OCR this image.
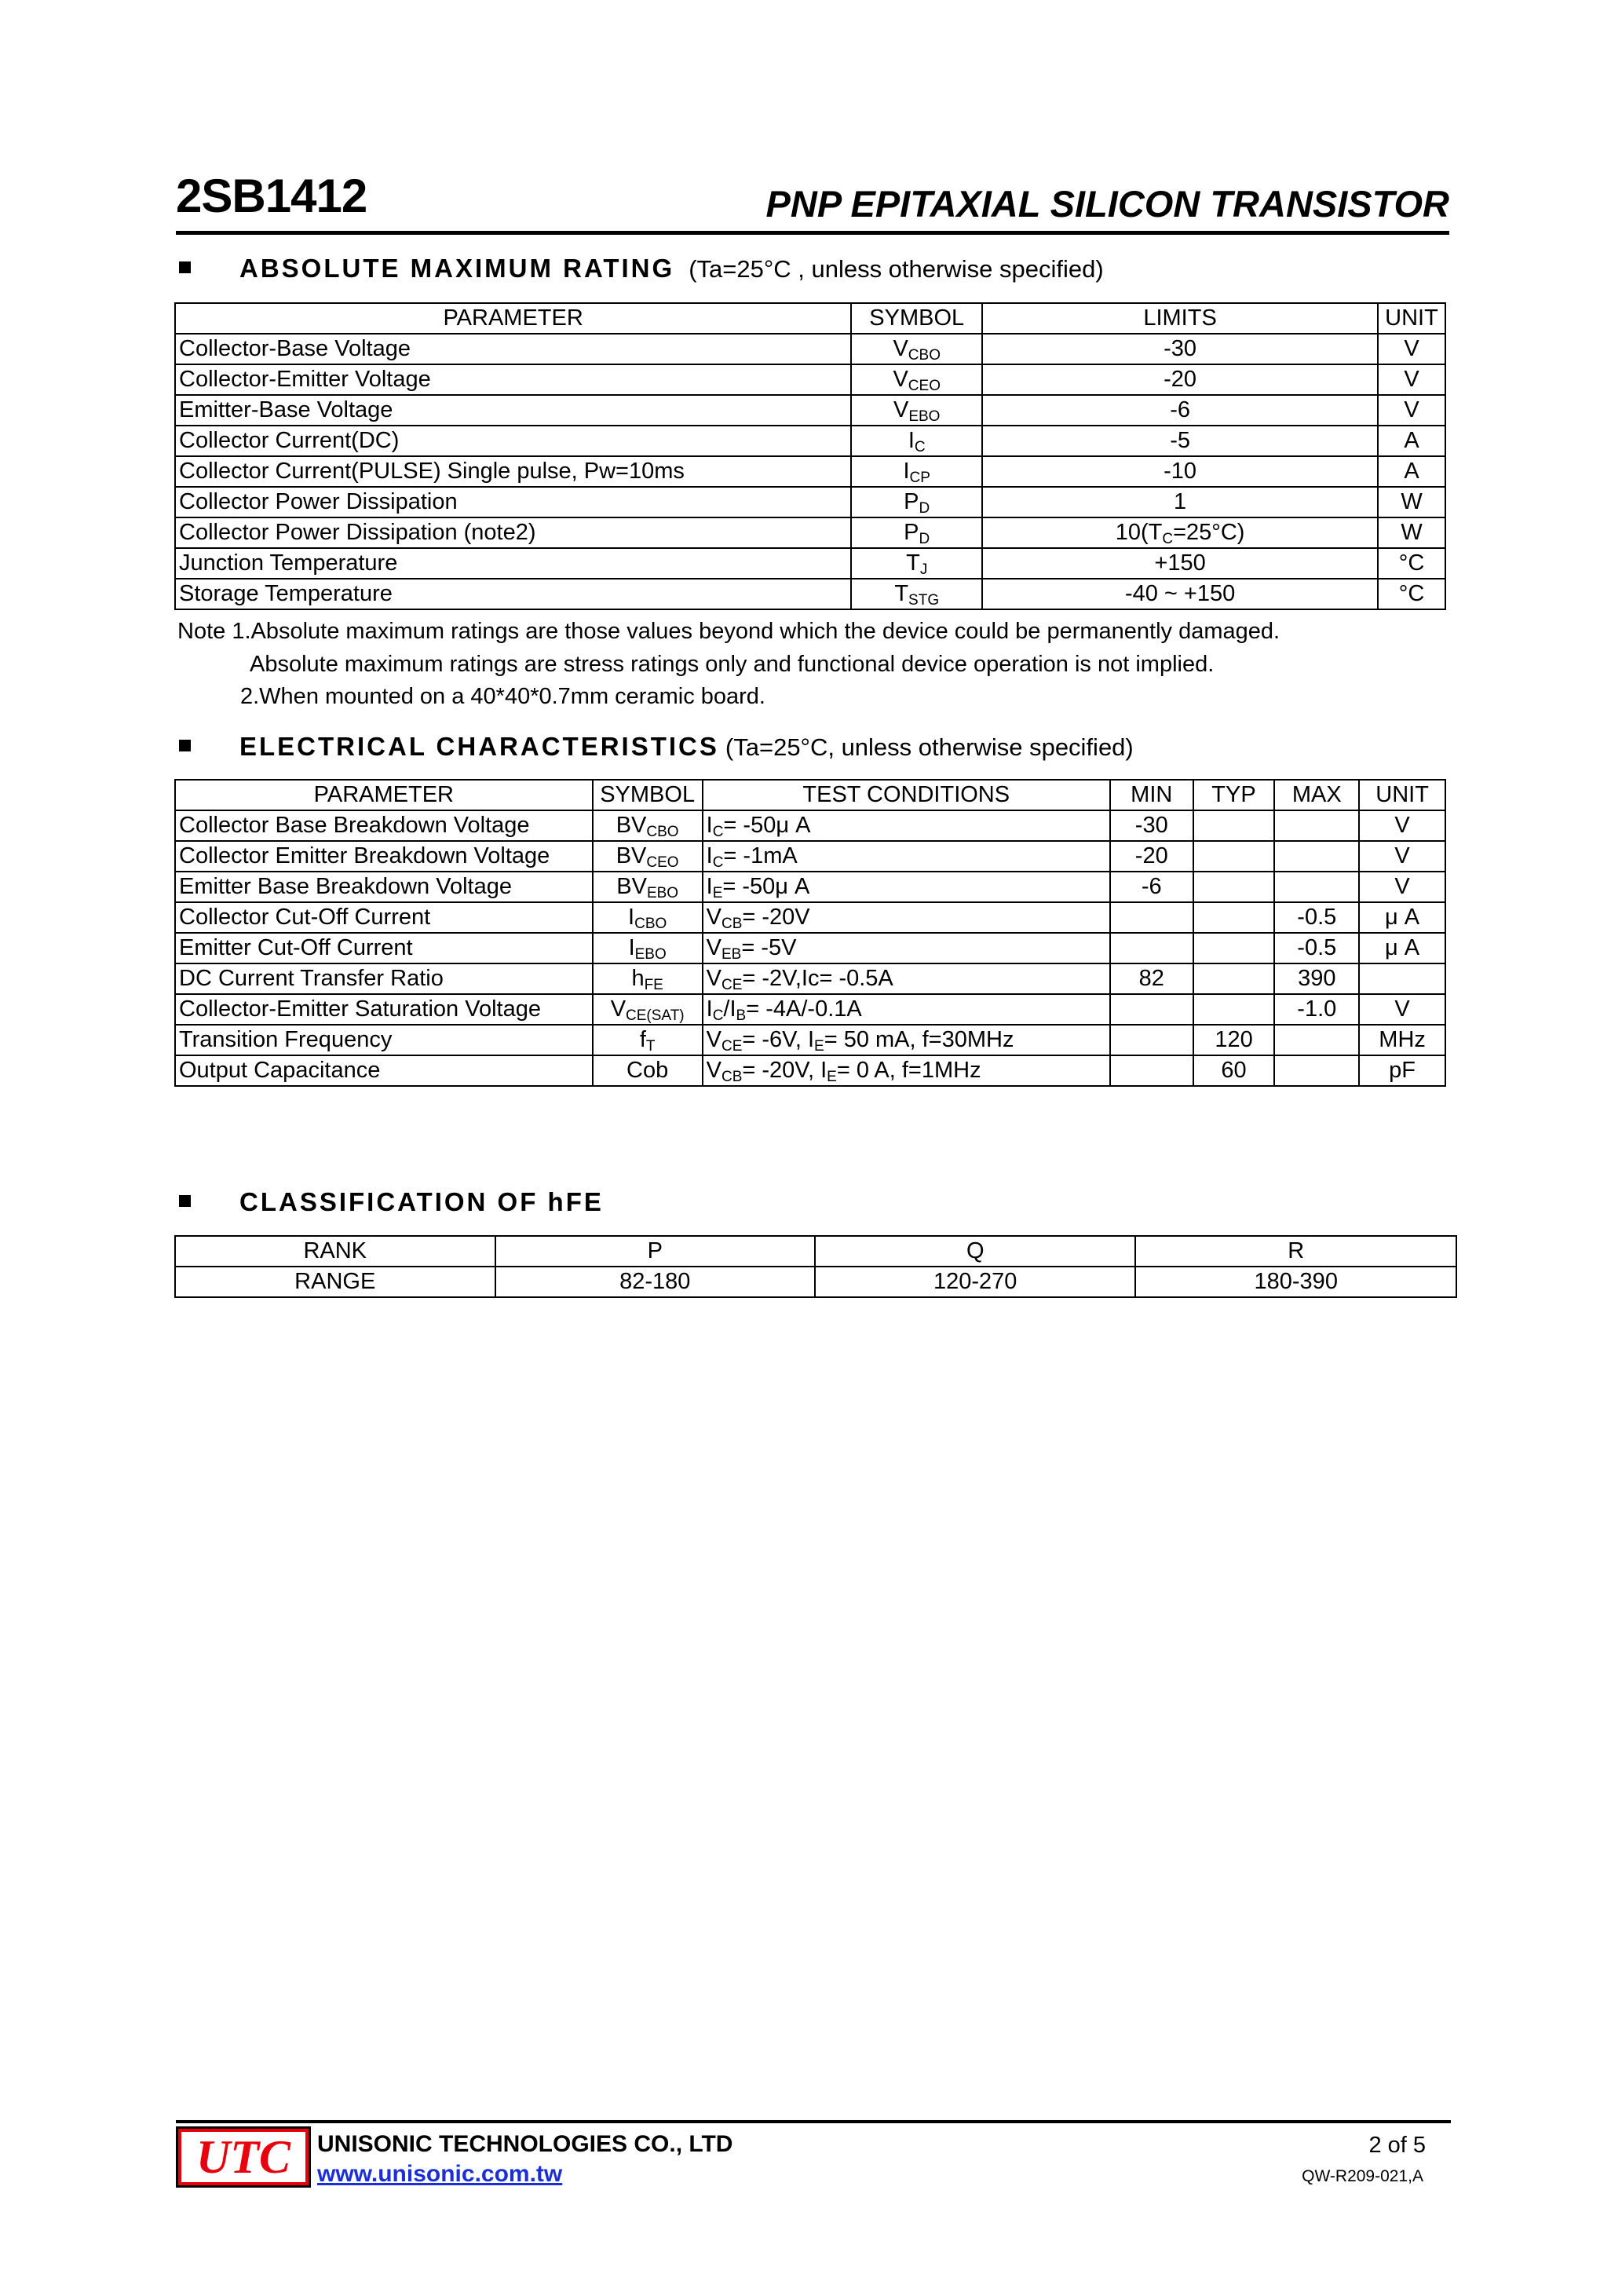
2SB1412	PNP EPITAXIAL SILICON TRANSISTOR
ABSOLUTE MAXIMUM RATING (Ta=25°C , unless otherwise specified)
PARAMETER	SYMBOL	LIMITS	UNIT
Collector-Base Voltage	$V_{CBO}$	-30	V
Collector-Emitter Voltage	$V_{CEO}$	-20	V
Emitter-Base Voltage	$V_{EBO}$	-6	V
Collector Current(DC)	$I_C$	-5	A
Collector Current(PULSE) Single pulse, Pw=10ms	$I_{CP}$	-10	A
Collector Power Dissipation	$P_D$	1	W
Collector Power Dissipation (note2)	$P_D$	$10(T_C=25^\circ C)$	W
Junction Temperature	$T_J$	+150	°C
Storage Temperature	$T_{STG}$	-40 ~ +150	°C
Note 1.Absolute maximum ratings are those values beyond which the device could be permanently damaged.
Absolute maximum ratings are stress ratings only and functional device operation is not implied.
2.When mounted on a 40*40*0.7mm ceramic board.
ELECTRICAL CHARACTERISTICS (Ta=25°C, unless otherwise specified)
PARAMETER	SYMBOL	TEST CONDITIONS	MIN	TYP	MAX	UNIT
Collector Base Breakdown Voltage	$BV_{CBO}$	$I_C= -50\mu$ A	-30			V
Collector Emitter Breakdown Voltage	$BV_{CEO}$	$I_C= -1mA$	-20			V
Emitter Base Breakdown Voltage	$BV_{EBO}$	$I_E= -50\mu$ A	-6			V
Collector Cut-Off Current	$I_{CBO}$	$V_{CB}= -20V$			-0.5	μ A
Emitter Cut-Off Current	$I_{EBO}$	$V_{EB}= -5V$			-0.5	μ A
DC Current Transfer Ratio	$h_{FE}$	$V_{CE}= -2V,Ic= -0.5A$	82		390	
Collector-Emitter Saturation Voltage	$V_{CE(SAT)}$	$I_C/I_B= -4A/-0.1A$			-1.0	V
Transition Frequency	$f_T$	$V_{CE}= -6V$, $I_E= 50$ mA, f=30MHz		120		MHz
Output Capacitance	Cob	$V_{CB}= -20V$, $I_E= 0$ A, f=1MHz		60		pF
CLASSIFICATION OF hFE
RANK	P	Q	R
RANGE	82-180	120-270	180-390
UTC	UNISONIC TECHNOLOGIES CO., LTD
www.unisonic.com.tw
2 of 5
QW-R209-021,A
